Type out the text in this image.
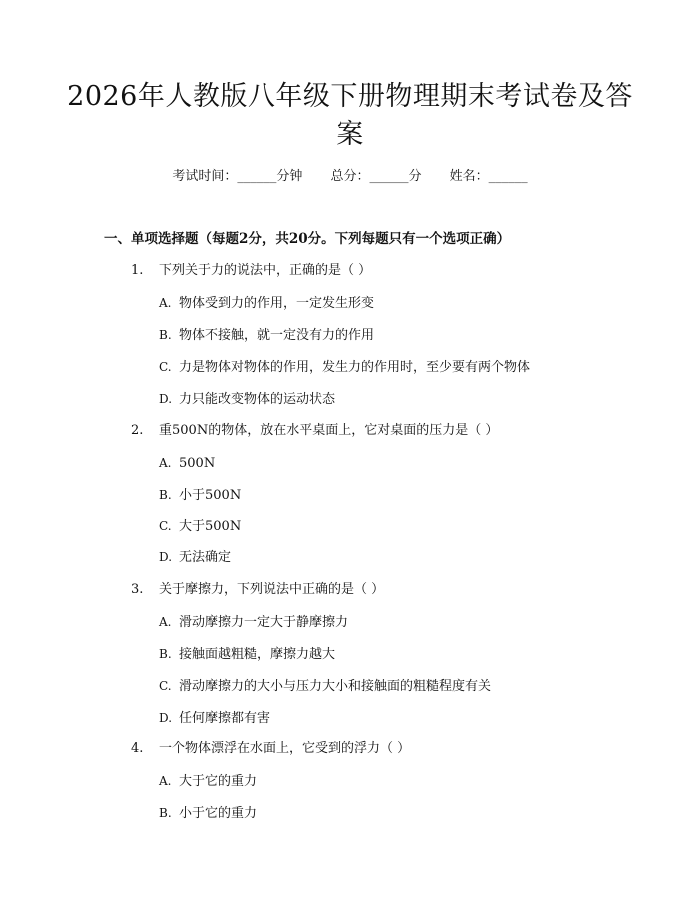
2026年人教版八年级下册物理期末考试卷及答案
考试时间：______分钟 总分：______分 姓名：______
一、单项选择题（每题2分，共20分。下列每题只有一个选项正确）
1. 下列关于力的说法中，正确的是（ ）
A. 物体受到力的作用，一定发生形变
B. 物体不接触，就一定没有力的作用
C. 力是物体对物体的作用，发生力的作用时，至少要有两个物体
D. 力只能改变物体的运动状态
2. 重500N的物体，放在水平桌面上，它对桌面的压力是（ ）
A. 500N
B. 小于500N
C. 大于500N
D. 无法确定
3. 关于摩擦力，下列说法中正确的是（ ）
A. 滑动摩擦力一定大于静摩擦力
B. 接触面越粗糙，摩擦力越大
C. 滑动摩擦力的大小与压力大小和接触面的粗糙程度有关
D. 任何摩擦都有害
4. 一个物体漂浮在水面上，它受到的浮力（ ）
A. 大于它的重力
B. 小于它的重力
